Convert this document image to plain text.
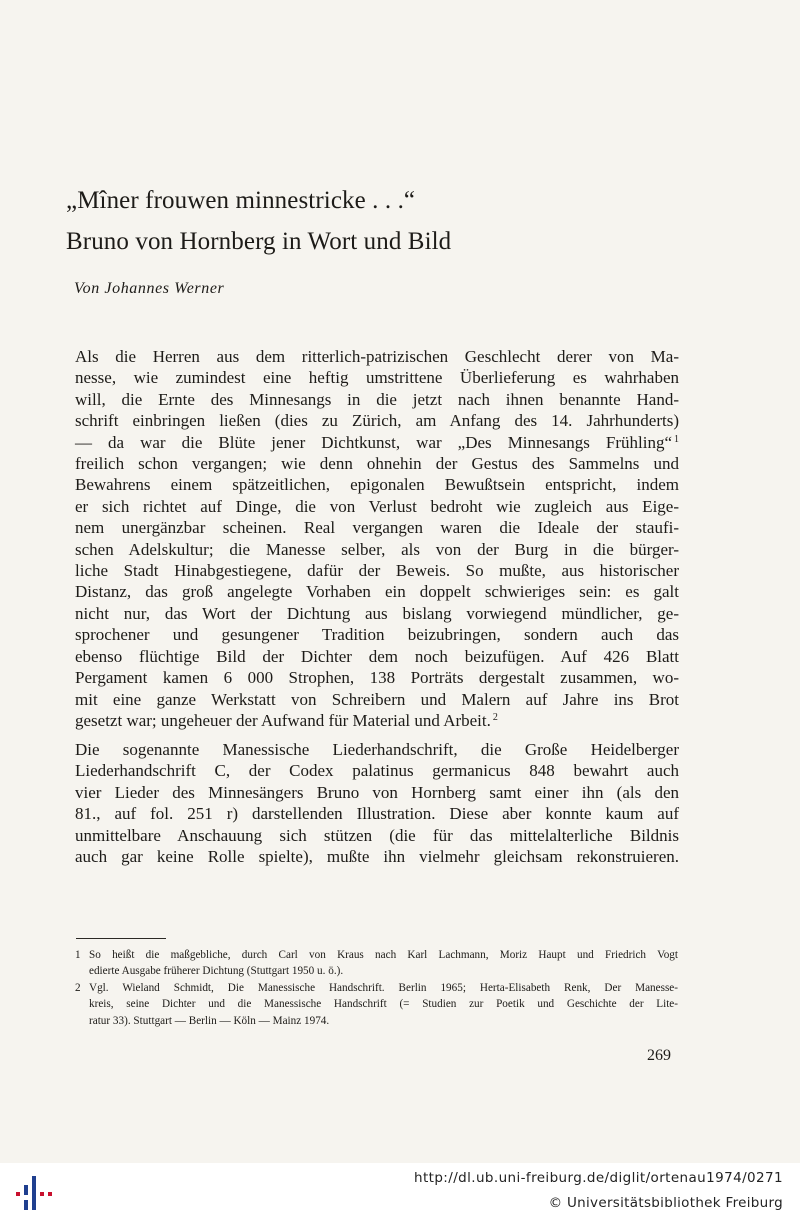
„Mîner frouwen minnestricke . . .“
Bruno von Hornberg in Wort und Bild
Von Johannes Werner
Als die Herren aus dem ritterlich-patrizischen Geschlecht derer von Ma-
nesse, wie zumindest eine heftig umstrittene Überlieferung es wahrhaben
will, die Ernte des Minnesangs in die jetzt nach ihnen benannte Hand-
schrift einbringen ließen (dies zu Zürich, am Anfang des 14. Jahrhunderts)
— da war die Blüte jener Dichtkunst, war „Des Minnesangs Frühling“ $^1$
freilich schon vergangen; wie denn ohnehin der Gestus des Sammelns und
Bewahrens einem spätzeitlichen, epigonalen Bewußtsein entspricht, indem
er sich richtet auf Dinge, die von Verlust bedroht wie zugleich aus Eige-
nem unergänzbar scheinen. Real vergangen waren die Ideale der staufi-
schen Adelskultur; die Manesse selber, als von der Burg in die bürger-
liche Stadt Hinabgestiegene, dafür der Beweis. So mußte, aus historischer
Distanz, das groß angelegte Vorhaben ein doppelt schwieriges sein: es galt
nicht nur, das Wort der Dichtung aus bislang vorwiegend mündlicher, ge-
sprochener und gesungener Tradition beizubringen, sondern auch das
ebenso flüchtige Bild der Dichter dem noch beizufügen. Auf 426 Blatt
Pergament kamen 6 000 Strophen, 138 Porträts dergestalt zusammen, wo-
mit eine ganze Werkstatt von Schreibern und Malern auf Jahre ins Brot
gesetzt war; ungeheuer der Aufwand für Material und Arbeit. $^2$
Die sogenannte Manessische Liederhandschrift, die Große Heidelberger
Liederhandschrift C, der Codex palatinus germanicus 848 bewahrt auch
vier Lieder des Minnesängers Bruno von Hornberg samt einer ihn (als den
81., auf fol. 251 r) darstellenden Illustration. Diese aber konnte kaum auf
unmittelbare Anschauung sich stützen (die für das mittelalterliche Bildnis
auch gar keine Rolle spielte), mußte ihn vielmehr gleichsam rekonstruieren.
1 So heißt die maßgebliche, durch Carl von Kraus nach Karl Lachmann, Moriz Haupt und Friedrich Vogt
edierte Ausgabe früherer Dichtung (Stuttgart 1950 u. ö.).
2 Vgl. Wieland Schmidt, Die Manessische Handschrift. Berlin 1965; Herta-Elisabeth Renk, Der Manesse-
kreis, seine Dichter und die Manessische Handschrift (= Studien zur Poetik und Geschichte der Lite-
ratur 33). Stuttgart — Berlin — Köln — Mainz 1974.
269
http://dl.ub.uni-freiburg.de/diglit/ortenau1974/0271
© Universitätsbibliothek Freiburg
